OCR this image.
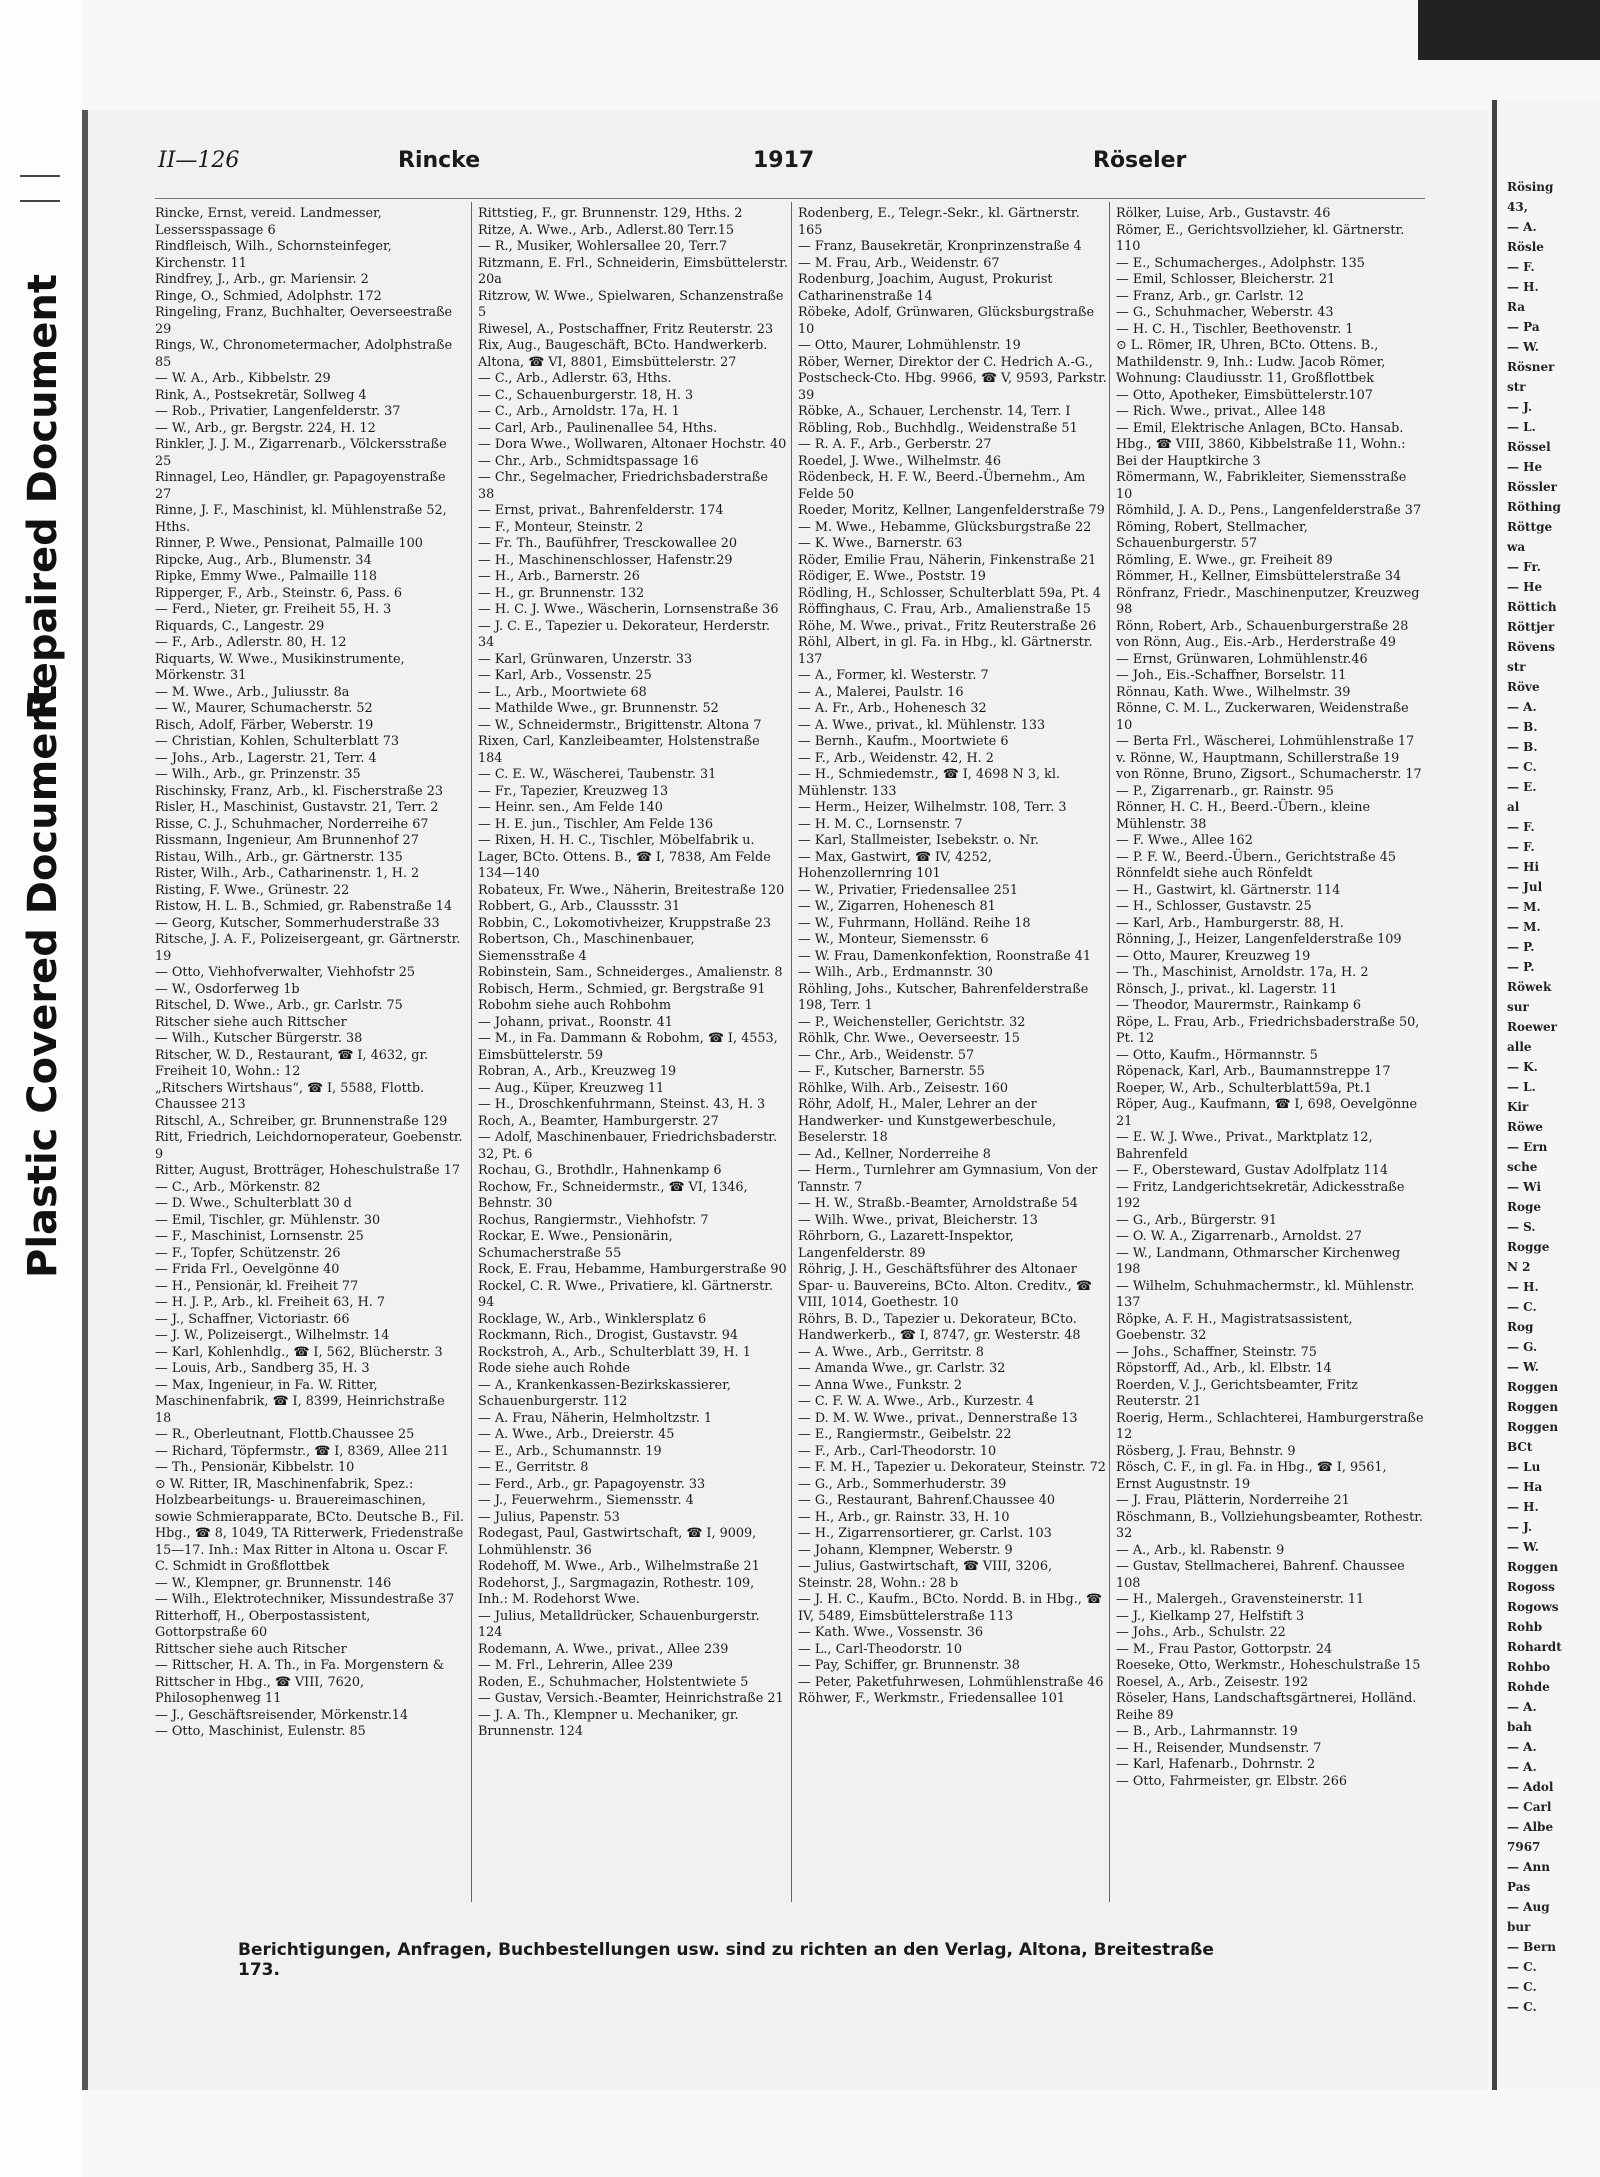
Repaired Document
Plastic Covered Document
II—126	Rincke	1917	Röseler
Rincke, Ernst, vereid. Landmesser, Lessersspassage 6
Rindfleisch, Wilh., Schornsteinfeger, Kirchenstr. 11
Rindfrey, J., Arb., gr. Mariensir. 2
Ringe, O., Schmied, Adolphstr. 172
Ringeling, Franz, Buchhalter, Oeverseestraße 29
Rings, W., Chronometermacher, Adolphstraße 85
— W. A., Arb., Kibbelstr. 29
Rink, A., Postsekretär, Sollweg 4
— Rob., Privatier, Langenfelderstr. 37
— W., Arb., gr. Bergstr. 224, H. 12
Rinkler, J. J. M., Zigarrenarb., Völckersstraße 25
Rinnagel, Leo, Händler, gr. Papagoyenstraße 27
Rinne, J. F., Maschinist, kl. Mühlenstraße 52, Hths.
Rinner, P. Wwe., Pensionat, Palmaille 100
Ripcke, Aug., Arb., Blumenstr. 34
Ripke, Emmy Wwe., Palmaille 118
Ripperger, F., Arb., Steinstr. 6, Pass. 6
— Ferd., Nieter, gr. Freiheit 55, H. 3
Riquards, C., Langestr. 29
— F., Arb., Adlerstr. 80, H. 12
Riquarts, W. Wwe., Musikinstrumente, Mörkenstr. 31
— M. Wwe., Arb., Juliusstr. 8a
— W., Maurer, Schumacherstr. 52
Risch, Adolf, Färber, Weberstr. 19
— Christian, Kohlen, Schulterblatt 73
— Johs., Arb., Lagerstr. 21, Terr. 4
— Wilh., Arb., gr. Prinzenstr. 35
Rischinsky, Franz, Arb., kl. Fischerstraße 23
Risler, H., Maschinist, Gustavstr. 21, Terr. 2
Risse, C. J., Schuhmacher, Norderreihe 67
Rissmann, Ingenieur, Am Brunnenhof 27
Ristau, Wilh., Arb., gr. Gärtnerstr. 135
Rister, Wilh., Arb., Catharinenstr. 1, H. 2
Risting, F. Wwe., Grünestr. 22
Ristow, H. L. B., Schmied, gr. Rabenstraße 14
— Georg, Kutscher, Sommerhuderstraße 33
Ritsche, J. A. F., Polizeisergeant, gr. Gärtnerstr. 19
— Otto, Viehhofverwalter, Viehhofstr 25
— W., Osdorferweg 1b
Ritschel, D. Wwe., Arb., gr. Carlstr. 75
Ritscher siehe auch Rittscher
— Wilh., Kutscher Bürgerstr. 38
Ritscher, W. D., Restaurant, ☎ I, 4632, gr. Freiheit 10, Wohn.: 12
„Ritschers Wirtshaus“, ☎ I, 5588, Flottb. Chaussee 213
Ritschl, A., Schreiber, gr. Brunnenstraße 129
Ritt, Friedrich, Leichdornoperateur, Goebenstr. 9
Ritter, August, Brotträger, Hoheschulstraße 17
— C., Arb., Mörkenstr. 82
— D. Wwe., Schulterblatt 30 d
— Emil, Tischler, gr. Mühlenstr. 30
— F., Maschinist, Lornsenstr. 25
— F., Topfer, Schützenstr. 26
— Frida Frl., Oevelgönne 40
— H., Pensionär, kl. Freiheit 77
— H. J. P., Arb., kl. Freiheit 63, H. 7
— J., Schaffner, Victoriastr. 66
— J. W., Polizeisergt., Wilhelmstr. 14
— Karl, Kohlenhdlg., ☎ I, 562, Blücherstr. 3
— Louis, Arb., Sandberg 35, H. 3
— Max, Ingenieur, in Fa. W. Ritter, Maschinenfabrik, ☎ I, 8399, Heinrichstraße 18
— R., Oberleutnant, Flottb.Chaussee 25
— Richard, Töpfermstr., ☎ I, 8369, Allee 211
— Th., Pensionär, Kibbelstr. 10
⊙ W. Ritter, IR, Maschinenfabrik, Spez.: Holzbearbeitungs- u. Brauereimaschinen, sowie Schmierapparate, BCto. Deutsche B., Fil. Hbg., ☎ 8, 1049, TA Ritterwerk, Friedenstraße 15—17. Inh.: Max Ritter in Altona u. Oscar F. C. Schmidt in Großflottbek
— W., Klempner, gr. Brunnenstr. 146
— Wilh., Elektrotechniker, Missundestraße 37
Ritterhoff, H., Oberpostassistent, Gottorpstraße 60
Rittscher siehe auch Ritscher
— Rittscher, H. A. Th., in Fa. Morgenstern & Rittscher in Hbg., ☎ VIII, 7620, Philosophenweg 11
— J., Geschäftsreisender, Mörkenstr.14
— Otto, Maschinist, Eulenstr. 85
Rittstieg, F., gr. Brunnenstr. 129, Hths. 2
Ritze, A. Wwe., Arb., Adlerst.80 Terr.15
— R., Musiker, Wohlersallee 20, Terr.7
Ritzmann, E. Frl., Schneiderin, Eimsbüttelerstr. 20a
Ritzrow, W. Wwe., Spielwaren, Schanzenstraße 5
Riwesel, A., Postschaffner, Fritz Reuterstr. 23
Rix, Aug., Baugeschäft, BCto. Handwerkerb. Altona, ☎ VI, 8801, Eimsbüttelerstr. 27
— C., Arb., Adlerstr. 63, Hths.
— C., Schauenburgerstr. 18, H. 3
— C., Arb., Arnoldstr. 17a, H. 1
— Carl, Arb., Paulinenallee 54, Hths.
— Dora Wwe., Wollwaren, Altonaer Hochstr. 40
— Chr., Arb., Schmidtspassage 16
— Chr., Segelmacher, Friedrichsbaderstraße 38
— Ernst, privat., Bahrenfelderstr. 174
— F., Monteur, Steinstr. 2
— Fr. Th., Baufühfrer, Tresckowallee 20
— H., Maschinenschlosser, Hafenstr.29
— H., Arb., Barnerstr. 26
— H., gr. Brunnenstr. 132
— H. C. J. Wwe., Wäscherin, Lornsenstraße 36
— J. C. E., Tapezier u. Dekorateur, Herderstr. 34
— Karl, Grünwaren, Unzerstr. 33
— Karl, Arb., Vossenstr. 25
— L., Arb., Moortwiete 68
— Mathilde Wwe., gr. Brunnenstr. 52
— W., Schneidermstr., Brigittenstr. Altona 7
Rixen, Carl, Kanzleibeamter, Holstenstraße 184
— C. E. W., Wäscherei, Taubenstr. 31
— Fr., Tapezier, Kreuzweg 13
— Heinr. sen., Am Felde 140
— H. E. jun., Tischler, Am Felde 136
— Rixen, H. H. C., Tischler, Möbelfabrik u. Lager, BCto. Ottens. B., ☎ I, 7838, Am Felde 134—140
Robateux, Fr. Wwe., Näherin, Breitestraße 120
Robbert, G., Arb., Claussstr. 31
Robbin, C., Lokomotivheizer, Kruppstraße 23
Robertson, Ch., Maschinenbauer, Siemensstraße 4
Robinstein, Sam., Schneiderges., Amalienstr. 8
Robisch, Herm., Schmied, gr. Bergstraße 91
Robohm siehe auch Rohbohm
— Johann, privat., Roonstr. 41
— M., in Fa. Dammann & Robohm, ☎ I, 4553, Eimsbüttelerstr. 59
Robran, A., Arb., Kreuzweg 19
— Aug., Küper, Kreuzweg 11
— H., Droschkenfuhrmann, Steinst. 43, H. 3
Roch, A., Beamter, Hamburgerstr. 27
— Adolf, Maschinenbauer, Friedrichsbaderstr. 32, Pt. 6
Rochau, G., Brothdlr., Hahnenkamp 6
Rochow, Fr., Schneidermstr., ☎ VI, 1346, Behnstr. 30
Rochus, Rangiermstr., Viehhofstr. 7
Rockar, E. Wwe., Pensionärin, Schumacherstraße 55
Rock, E. Frau, Hebamme, Hamburgerstraße 90
Rockel, C. R. Wwe., Privatiere, kl. Gärtnerstr. 94
Rocklage, W., Arb., Winklersplatz 6
Rockmann, Rich., Drogist, Gustavstr. 94
Rockstroh, A., Arb., Schulterblatt 39, H. 1
Rode siehe auch Rohde
— A., Krankenkassen-Bezirkskassierer, Schauenburgerstr. 112
— A. Frau, Näherin, Helmholtzstr. 1
— A. Wwe., Arb., Dreierstr. 45
— E., Arb., Schumannstr. 19
— E., Gerritstr. 8
— Ferd., Arb., gr. Papagoyenstr. 33
— J., Feuerwehrm., Siemensstr. 4
— Julius, Papenstr. 53
Rodegast, Paul, Gastwirtschaft, ☎ I, 9009, Lohmühlenstr. 36
Rodehoff, M. Wwe., Arb., Wilhelmstraße 21
Rodehorst, J., Sargmagazin, Rothestr. 109, Inh.: M. Rodehorst Wwe.
— Julius, Metalldrücker, Schauenburgerstr. 124
Rodemann, A. Wwe., privat., Allee 239
— M. Frl., Lehrerin, Allee 239
Roden, E., Schuhmacher, Holstentwiete 5
— Gustav, Versich.-Beamter, Heinrichstraße 21
— J. A. Th., Klempner u. Mechaniker, gr. Brunnenstr. 124
Rodenberg, E., Telegr.-Sekr., kl. Gärtnerstr. 165
— Franz, Bausekretär, Kronprinzenstraße 4
— M. Frau, Arb., Weidenstr. 67
Rodenburg, Joachim, August, Prokurist Catharinenstraße 14
Röbeke, Adolf, Grünwaren, Glücksburgstraße 10
— Otto, Maurer, Lohmühlenstr. 19
Röber, Werner, Direktor der C. Hedrich A.-G., Postscheck-Cto. Hbg. 9966, ☎ V, 9593, Parkstr. 39
Röbke, A., Schauer, Lerchenstr. 14, Terr. I
Röbling, Rob., Buchhdlg., Weidenstraße 51
— R. A. F., Arb., Gerberstr. 27
Roedel, J. Wwe., Wilhelmstr. 46
Rödenbeck, H. F. W., Beerd.-Übernehm., Am Felde 50
Roeder, Moritz, Kellner, Langenfelderstraße 79
— M. Wwe., Hebamme, Glücksburgstraße 22
— K. Wwe., Barnerstr. 63
Röder, Emilie Frau, Näherin, Finkenstraße 21
Rödiger, E. Wwe., Poststr. 19
Rödling, H., Schlosser, Schulterblatt 59a, Pt. 4
Röffinghaus, C. Frau, Arb., Amalienstraße 15
Röhe, M. Wwe., privat., Fritz Reuterstraße 26
Röhl, Albert, in gl. Fa. in Hbg., kl. Gärtnerstr. 137
— A., Former, kl. Westerstr. 7
— A., Malerei, Paulstr. 16
— A. Fr., Arb., Hohenesch 32
— A. Wwe., privat., kl. Mühlenstr. 133
— Bernh., Kaufm., Moortwiete 6
— F., Arb., Weidenstr. 42, H. 2
— H., Schmiedemstr., ☎ I, 4698 N 3, kl. Mühlenstr. 133
— Herm., Heizer, Wilhelmstr. 108, Terr. 3
— H. M. C., Lornsenstr. 7
— Karl, Stallmeister, Isebekstr. o. Nr.
— Max, Gastwirt, ☎ IV, 4252, Hohenzollernring 101
— W., Privatier, Friedensallee 251
— W., Zigarren, Hohenesch 81
— W., Fuhrmann, Holländ. Reihe 18
— W., Monteur, Siemensstr. 6
— W. Frau, Damenkonfektion, Roonstraße 41
— Wilh., Arb., Erdmannstr. 30
Röhling, Johs., Kutscher, Bahrenfelderstraße 198, Terr. 1
— P., Weichensteller, Gerichtstr. 32
Röhlk, Chr. Wwe., Oeverseestr. 15
— Chr., Arb., Weidenstr. 57
— F., Kutscher, Barnerstr. 55
Röhlke, Wilh. Arb., Zeisestr. 160
Röhr, Adolf, H., Maler, Lehrer an der Handwerker- und Kunstgewerbeschule, Beselerstr. 18
— Ad., Kellner, Norderreihe 8
— Herm., Turnlehrer am Gymnasium, Von der Tannstr. 7
— H. W., Straßb.-Beamter, Arnoldstraße 54
— Wilh. Wwe., privat, Bleicherstr. 13
Röhrborn, G., Lazarett-Inspektor, Langenfelderstr. 89
Röhrig, J. H., Geschäftsführer des Altonaer Spar- u. Bauvereins, BCto. Alton. Creditv., ☎ VIII, 1014, Goethestr. 10
Röhrs, B. D., Tapezier u. Dekorateur, BCto. Handwerkerb., ☎ I, 8747, gr. Westerstr. 48
— A. Wwe., Arb., Gerritstr. 8
— Amanda Wwe., gr. Carlstr. 32
— Anna Wwe., Funkstr. 2
— C. F. W. A. Wwe., Arb., Kurzestr. 4
— D. M. W. Wwe., privat., Dennerstraße 13
— E., Rangiermstr., Geibelstr. 22
— F., Arb., Carl-Theodorstr. 10
— F. M. H., Tapezier u. Dekorateur, Steinstr. 72
— G., Arb., Sommerhuderstr. 39
— G., Restaurant, Bahrenf.Chaussee 40
— H., Arb., gr. Rainstr. 33, H. 10
— H., Zigarrensortierer, gr. Carlst. 103
— Johann, Klempner, Weberstr. 9
— Julius, Gastwirtschaft, ☎ VIII, 3206, Steinstr. 28, Wohn.: 28 b
— J. H. C., Kaufm., BCto. Nordd. B. in Hbg., ☎ IV, 5489, Eimsbüttelerstraße 113
— Kath. Wwe., Vossenstr. 36
— L., Carl-Theodorstr. 10
— Pay, Schiffer, gr. Brunnenstr. 38
— Peter, Paketfuhrwesen, Lohmühlenstraße 46
Röhwer, F., Werkmstr., Friedensallee 101
Rölker, Luise, Arb., Gustavstr. 46
Römer, E., Gerichtsvollzieher, kl. Gärtnerstr. 110
— E., Schumacherges., Adolphstr. 135
— Emil, Schlosser, Bleicherstr. 21
— Franz, Arb., gr. Carlstr. 12
— G., Schuhmacher, Weberstr. 43
— H. C. H., Tischler, Beethovenstr. 1
⊙ L. Römer, IR, Uhren, BCto. Ottens. B., Mathildenstr. 9, Inh.: Ludw. Jacob Römer, Wohnung: Claudiusstr. 11, Großflottbek
— Otto, Apotheker, Eimsbüttelerstr.107
— Rich. Wwe., privat., Allee 148
— Emil, Elektrische Anlagen, BCto. Hansab. Hbg., ☎ VIII, 3860, Kibbelstraße 11, Wohn.: Bei der Hauptkirche 3
Römermann, W., Fabrikleiter, Siemensstraße 10
Römhild, J. A. D., Pens., Langenfelderstraße 37
Röming, Robert, Stellmacher, Schauenburgerstr. 57
Römling, E. Wwe., gr. Freiheit 89
Römmer, H., Kellner, Eimsbüttelerstraße 34
Rönfranz, Friedr., Maschinenputzer, Kreuzweg 98
Rönn, Robert, Arb., Schauenburgerstraße 28
von Rönn, Aug., Eis.-Arb., Herderstraße 49
— Ernst, Grünwaren, Lohmühlenstr.46
— Joh., Eis.-Schaffner, Borselstr. 11
Rönnau, Kath. Wwe., Wilhelmstr. 39
Rönne, C. M. L., Zuckerwaren, Weidenstraße 10
— Berta Frl., Wäscherei, Lohmühlenstraße 17
v. Rönne, W., Hauptmann, Schillerstraße 19
von Rönne, Bruno, Zigsort., Schumacherstr. 17
— P., Zigarrenarb., gr. Rainstr. 95
Rönner, H. C. H., Beerd.-Übern., kleine Mühlenstr. 38
— F. Wwe., Allee 162
— P. F. W., Beerd.-Übern., Gerichtstraße 45
Rönnfeldt siehe auch Rönfeldt
— H., Gastwirt, kl. Gärtnerstr. 114
— H., Schlosser, Gustavstr. 25
— Karl, Arb., Hamburgerstr. 88, H.
Rönning, J., Heizer, Langenfelderstraße 109
— Otto, Maurer, Kreuzweg 19
— Th., Maschinist, Arnoldstr. 17a, H. 2
Rönsch, J., privat., kl. Lagerstr. 11
— Theodor, Maurermstr., Rainkamp 6
Röpe, L. Frau, Arb., Friedrichsbaderstraße 50, Pt. 12
— Otto, Kaufm., Hörmannstr. 5
Röpenack, Karl, Arb., Baumannstreppe 17
Roeper, W., Arb., Schulterblatt59a, Pt.1
Röper, Aug., Kaufmann, ☎ I, 698, Oevelgönne 21
— E. W. J. Wwe., Privat., Marktplatz 12, Bahrenfeld
— F., Obersteward, Gustav Adolfplatz 114
— Fritz, Landgerichtsekretär, Adickesstraße 192
— G., Arb., Bürgerstr. 91
— O. W. A., Zigarrenarb., Arnoldst. 27
— W., Landmann, Othmarscher Kirchenweg 198
— Wilhelm, Schuhmachermstr., kl. Mühlenstr. 137
Röpke, A. F. H., Magistratsassistent, Goebenstr. 32
— Johs., Schaffner, Steinstr. 75
Röpstorff, Ad., Arb., kl. Elbstr. 14
Roerden, V. J., Gerichtsbeamter, Fritz Reuterstr. 21
Roerig, Herm., Schlachterei, Hamburgerstraße 12
Rösberg, J. Frau, Behnstr. 9
Rösch, C. F., in gl. Fa. in Hbg., ☎ I, 9561, Ernst Augustnstr. 19
— J. Frau, Plätterin, Norderreihe 21
Röschmann, B., Vollziehungsbeamter, Rothestr. 32
— A., Arb., kl. Rabenstr. 9
— Gustav, Stellmacherei, Bahrenf. Chaussee 108
— H., Malergeh., Gravensteinerstr. 11
— J., Kielkamp 27, Helfstift 3
— Johs., Arb., Schulstr. 22
— M., Frau Pastor, Gottorpstr. 24
Roeseke, Otto, Werkmstr., Hoheschulstraße 15
Roesel, A., Arb., Zeisestr. 192
Röseler, Hans, Landschaftsgärtnerei, Holländ. Reihe 89
— B., Arb., Lahrmannstr. 19
— H., Reisender, Mundsenstr. 7
— Karl, Hafenarb., Dohrnstr. 2
— Otto, Fahrmeister, gr. Elbstr. 266
Berichtigungen, Anfragen, Buchbestellungen usw. sind zu richten an den Verlag, Altona, Breitestraße 173.
Rösing
43,
— A.
Rösle
— F.
— H.
Ra
— Pa
— W.
Rösner
str
— J.
— L.
Rössel
— He
Rössler
Röthing
Röttge
wa
— Fr.
— He
Röttich
Röttjer
Rövens
str
Röve
— A.
— B.
— B.
— C.
— E.
al
— F.
— F.
— Hi
— Jul
— M.
— M.
— P.
— P.
Röwek
sur
Roewer
alle
— K.
— L.
Kir
Röwe
— Ern
sche
— Wi
Roge
— S.
Rogge
N 2
— H.
— C.
Rog
— G.
— W.
Roggen
Roggen
Roggen
BCt
— Lu
— Ha
— H.
— J.
— W.
Roggen
Rogoss
Rogows
Rohb
Rohardt
Rohbo
Rohde
— A.
bah
— A.
— A.
— Adol
— Carl
— Albe
7967
— Ann
Pas
— Aug
bur
— Bern
— C.
— C.
— C.
